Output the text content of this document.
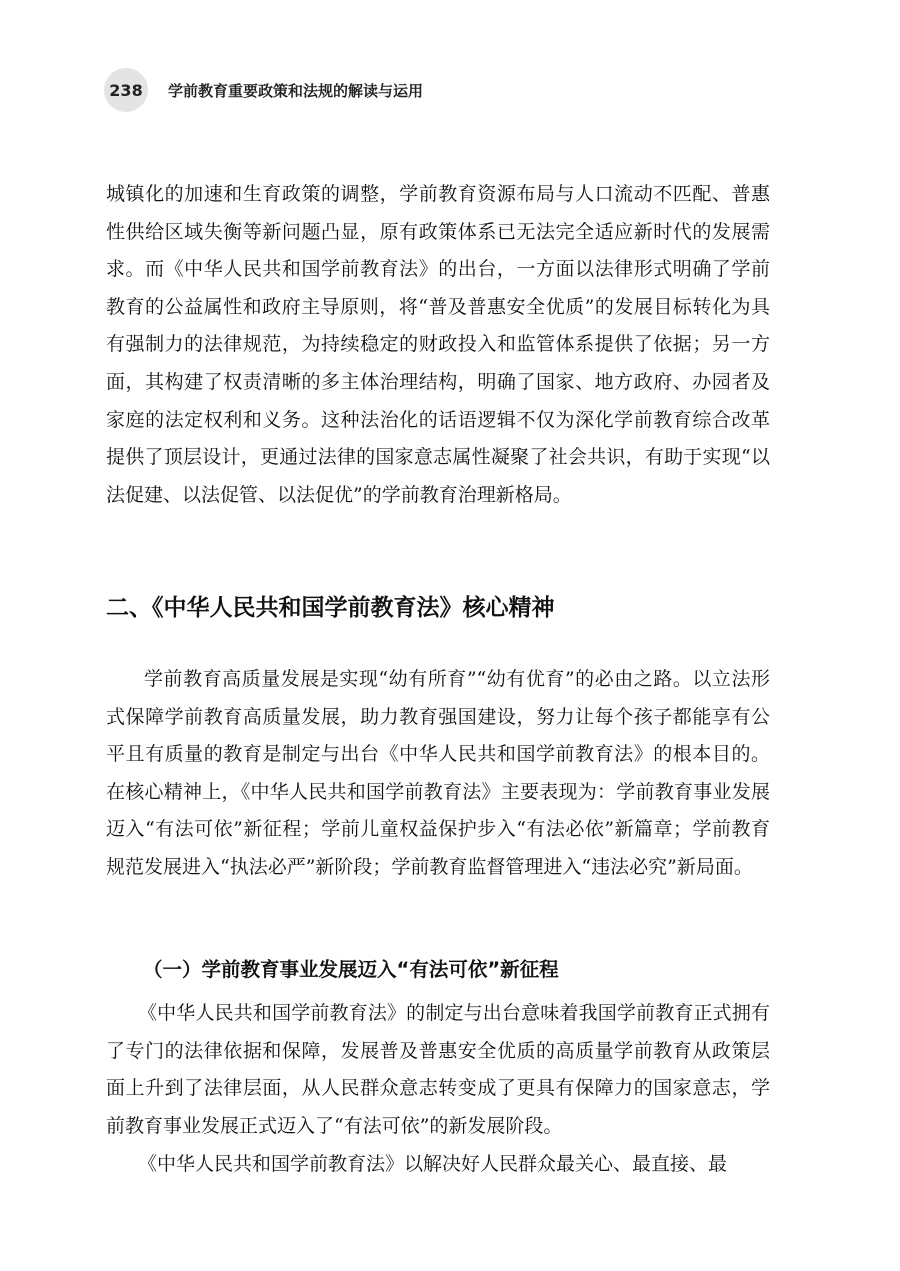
238	学前教育重要政策和法规的解读与运用

城镇化的加速和生育政策的调整，学前教育资源布局与人口流动不匹配、普惠性供给区域失衡等新问题凸显，原有政策体系已无法完全适应新时代的发展需求。而《中华人民共和国学前教育法》的出台，一方面以法律形式明确了学前教育的公益属性和政府主导原则，将“普及普惠安全优质”的发展目标转化为具有强制力的法律规范，为持续稳定的财政投入和监管体系提供了依据；另一方面，其构建了权责清晰的多主体治理结构，明确了国家、地方政府、办园者及家庭的法定权利和义务。这种法治化的话语逻辑不仅为深化学前教育综合改革提供了顶层设计，更通过法律的国家意志属性凝聚了社会共识，有助于实现“以法促建、以法促管、以法促优”的学前教育治理新格局。

二、《中华人民共和国学前教育法》核心精神

学前教育高质量发展是实现“幼有所育”“幼有优育”的必由之路。以立法形式保障学前教育高质量发展，助力教育强国建设，努力让每个孩子都能享有公平且有质量的教育是制定与出台《中华人民共和国学前教育法》的根本目的。在核心精神上，《中华人民共和国学前教育法》主要表现为：学前教育事业发展迈入“有法可依”新征程；学前儿童权益保护步入“有法必依”新篇章；学前教育规范发展进入“执法必严”新阶段；学前教育监督管理进入“违法必究”新局面。

（一）学前教育事业发展迈入“有法可依”新征程

《中华人民共和国学前教育法》的制定与出台意味着我国学前教育正式拥有了专门的法律依据和保障，发展普及普惠安全优质的高质量学前教育从政策层面上升到了法律层面，从人民群众意志转变成了更具有保障力的国家意志，学前教育事业发展正式迈入了“有法可依”的新发展阶段。

《中华人民共和国学前教育法》以解决好人民群众最关心、最直接、最
